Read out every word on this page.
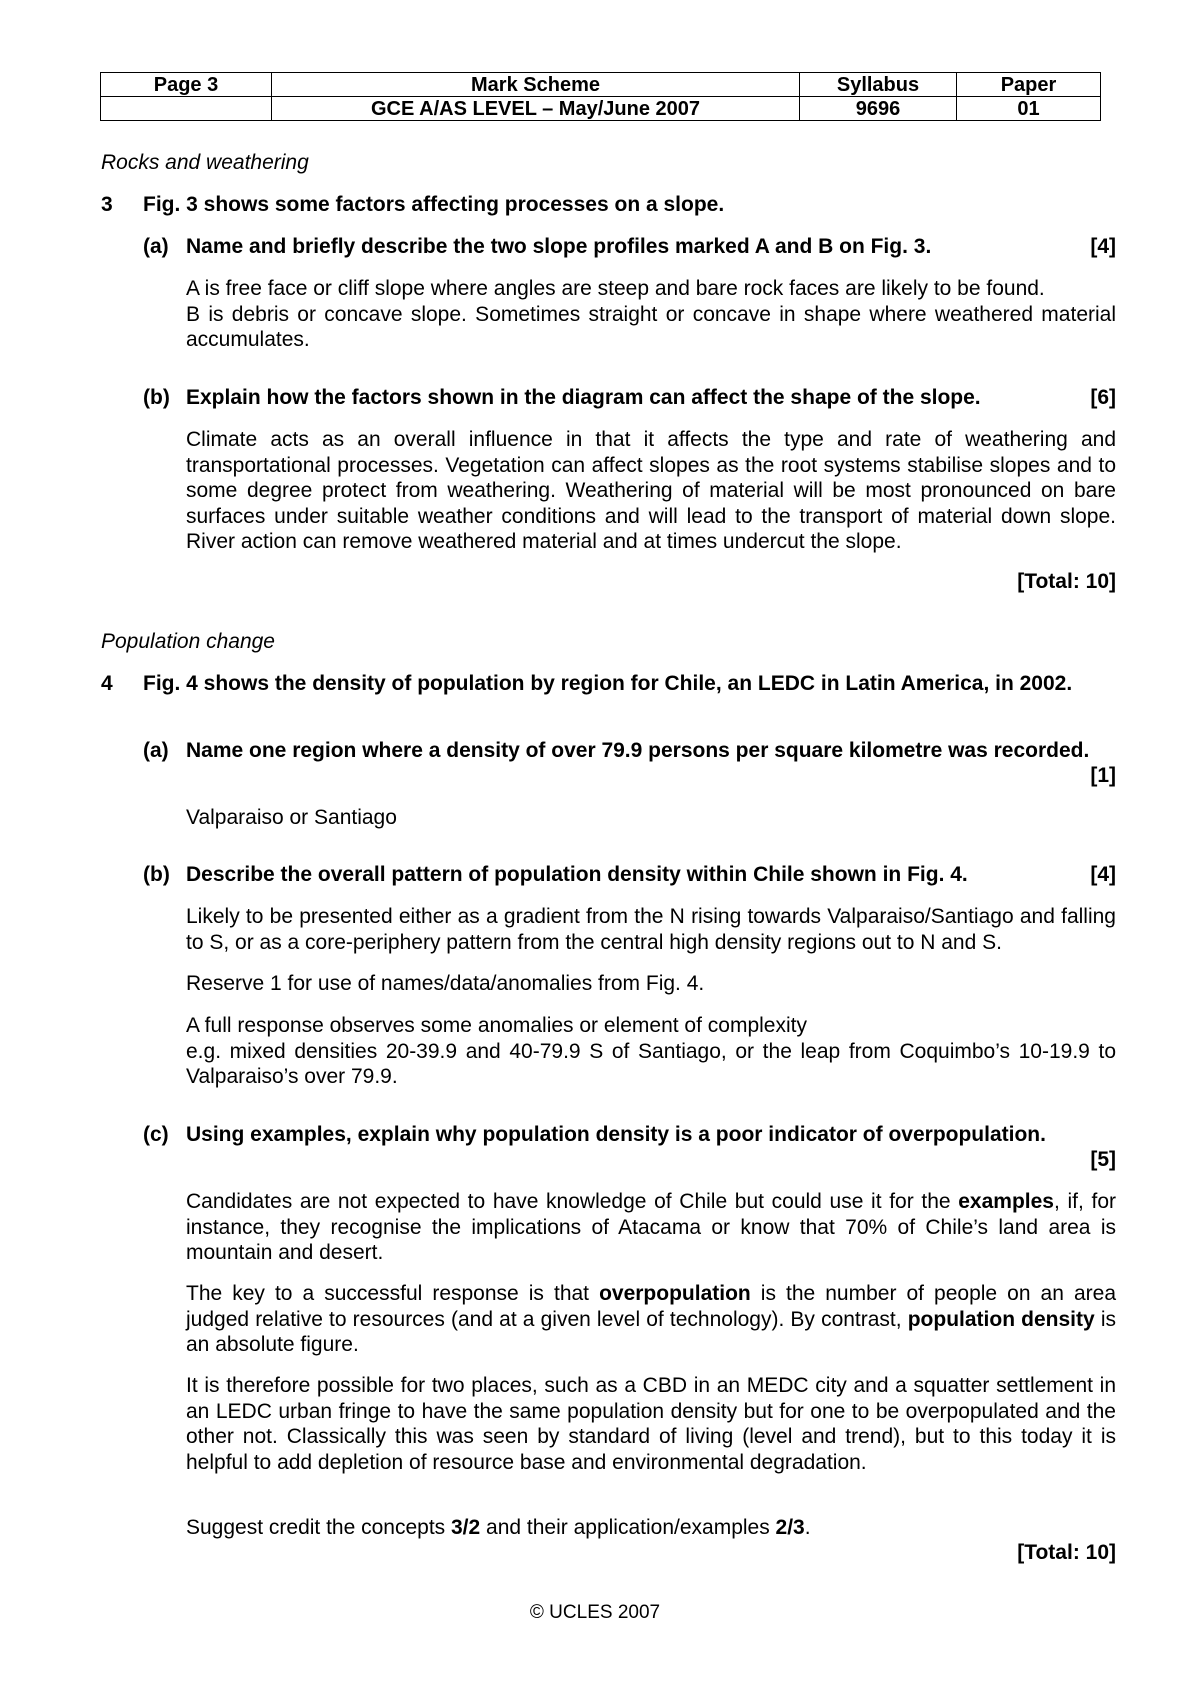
Page 3	Mark Scheme	Syllabus	Paper
	GCE A/AS LEVEL – May/June 2007	9696	01
Rocks and weathering
3 Fig. 3 shows some factors affecting processes on a slope.
(a) Name and briefly describe the two slope profiles marked A and B on Fig. 3.	[4]

A is free face or cliff slope where angles are steep and bare rock faces are likely to be found.

B is debris or concave slope. Sometimes straight or concave in shape where weathered material accumulates.

(b) Explain how the factors shown in the diagram can affect the shape of the slope.	[6]
Climate acts as an overall influence in that it affects the type and rate of weathering and transportational processes. Vegetation can affect slopes as the root systems stabilise slopes and to some degree protect from weathering. Weathering of material will be most pronounced on bare surfaces under suitable weather conditions and will lead to the transport of material down slope. River action can remove weathered material and at times undercut the slope.
[Total: 10]
Population change
4 Fig. 4 shows the density of population by region for Chile, an LEDC in Latin America, in 2002.
(a) Name one region where a density of over 79.9 persons per square kilometre was recorded.
[1]
Valparaiso or Santiago
(b) Describe the overall pattern of population density within Chile shown in Fig. 4.	[4]
Likely to be presented either as a gradient from the N rising towards Valparaiso/Santiago and falling to S, or as a core-periphery pattern from the central high density regions out to N and S.
Reserve 1 for use of names/data/anomalies from Fig. 4.

A full response observes some anomalies or element of complexity

e.g. mixed densities 20-39.9 and 40-79.9 S of Santiago, or the leap from Coquimbo’s 10-19.9 to Valparaiso’s over 79.9.

(c) Using examples, explain why population density is a poor indicator of overpopulation.
[5]
Candidates are not expected to have knowledge of Chile but could use it for the examples, if, for instance, they recognise the implications of Atacama or know that 70% of Chile’s land area is mountain and desert.
The key to a successful response is that overpopulation is the number of people on an area judged relative to resources (and at a given level of technology). By contrast, population density is an absolute figure.
It is therefore possible for two places, such as a CBD in an MEDC city and a squatter settlement in an LEDC urban fringe to have the same population density but for one to be overpopulated and the other not. Classically this was seen by standard of living (level and trend), but to this today it is helpful to add depletion of resource base and environmental degradation.
Suggest credit the concepts 3/2 and their application/examples 2/3.
[Total: 10]
© UCLES 2007
